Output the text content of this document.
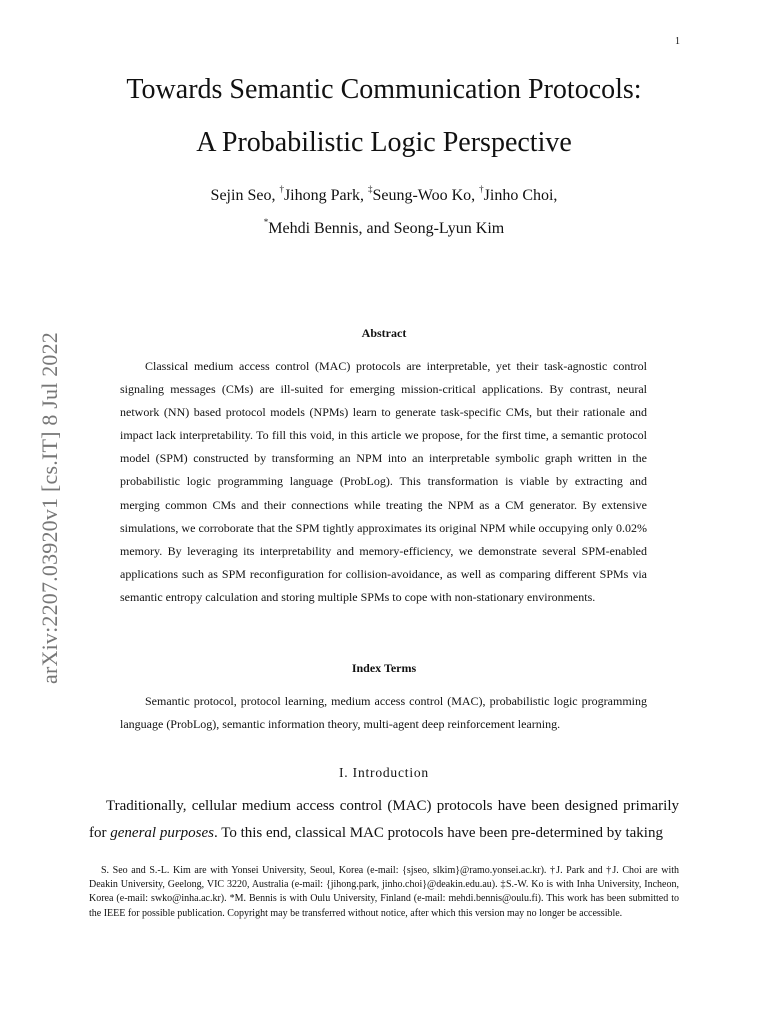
1
arXiv:2207.03920v1 [cs.IT] 8 Jul 2022
Towards Semantic Communication Protocols:
A Probabilistic Logic Perspective
Sejin Seo, †Jihong Park, ‡Seung-Woo Ko, †Jinho Choi,
*Mehdi Bennis, and Seong-Lyun Kim
Abstract
Classical medium access control (MAC) protocols are interpretable, yet their task-agnostic control signaling messages (CMs) are ill-suited for emerging mission-critical applications. By contrast, neural network (NN) based protocol models (NPMs) learn to generate task-specific CMs, but their rationale and impact lack interpretability. To fill this void, in this article we propose, for the first time, a semantic protocol model (SPM) constructed by transforming an NPM into an interpretable symbolic graph written in the probabilistic logic programming language (ProbLog). This transformation is viable by extracting and merging common CMs and their connections while treating the NPM as a CM generator. By extensive simulations, we corroborate that the SPM tightly approximates its original NPM while occupying only 0.02% memory. By leveraging its interpretability and memory-efficiency, we demonstrate several SPM-enabled applications such as SPM reconfiguration for collision-avoidance, as well as comparing different SPMs via semantic entropy calculation and storing multiple SPMs to cope with non-stationary environments.
Index Terms
Semantic protocol, protocol learning, medium access control (MAC), probabilistic logic programming language (ProbLog), semantic information theory, multi-agent deep reinforcement learning.
I. Introduction
Traditionally, cellular medium access control (MAC) protocols have been designed primarily for general purposes. To this end, classical MAC protocols have been pre-determined by taking
S. Seo and S.-L. Kim are with Yonsei University, Seoul, Korea (e-mail: {sjseo, slkim}@ramo.yonsei.ac.kr). †J. Park and †J. Choi are with Deakin University, Geelong, VIC 3220, Australia (e-mail: {jihong.park, jinho.choi}@deakin.edu.au). ‡S.-W. Ko is with Inha University, Incheon, Korea (e-mail: swko@inha.ac.kr). *M. Bennis is with Oulu University, Finland (e-mail: mehdi.bennis@oulu.fi). This work has been submitted to the IEEE for possible publication. Copyright may be transferred without notice, after which this version may no longer be accessible.
